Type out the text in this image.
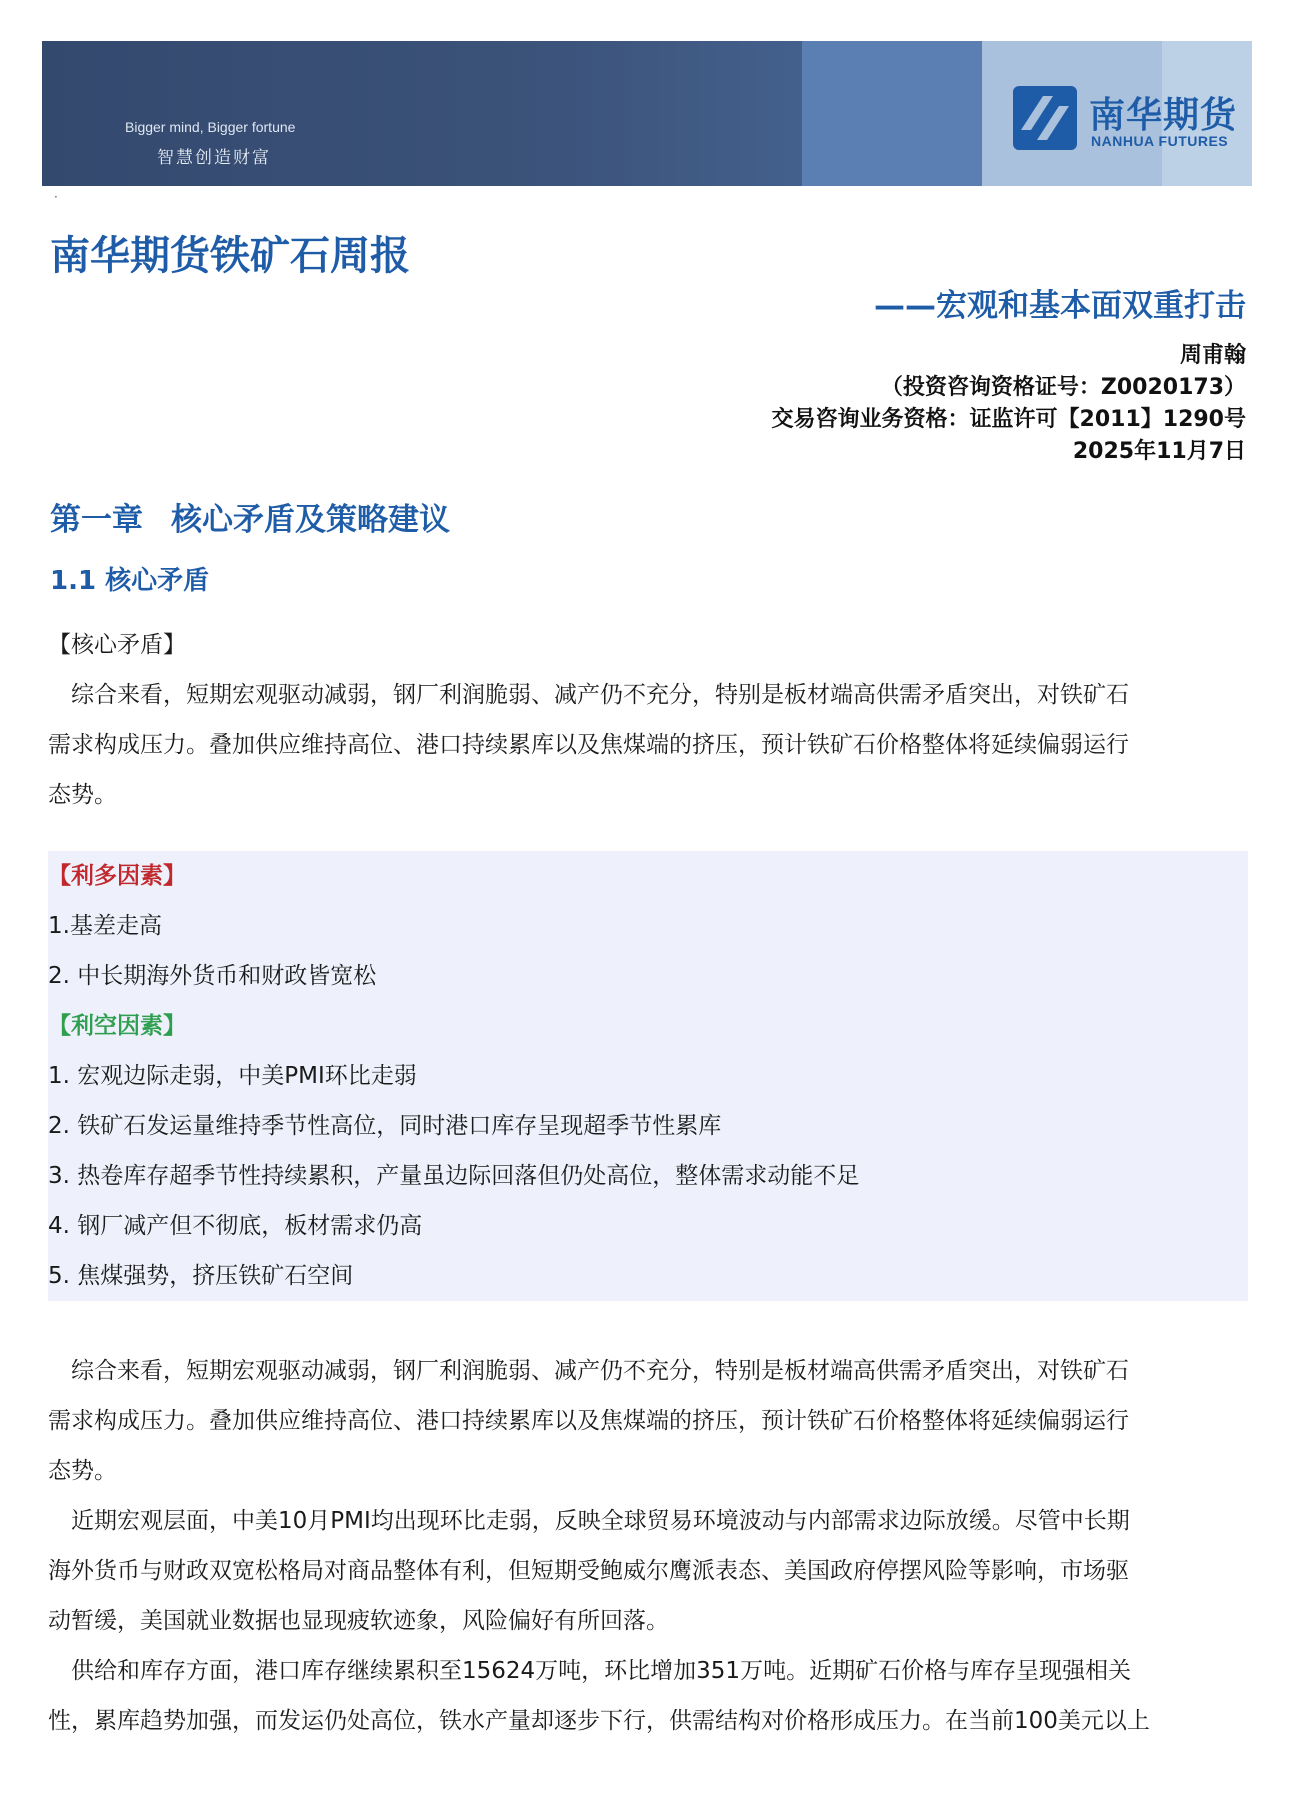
Bigger mind, Bigger fortune
智慧创造财富
南华期货
NANHUA FUTURES
·
南华期货铁矿石周报
——宏观和基本面双重打击
周甫翰
（投资咨询资格证号：Z0020173）
交易咨询业务资格：证监许可【2011】1290号
2025年11月7日
第一章 核心矛盾及策略建议
1.1 核心矛盾
【核心矛盾】
　综合来看，短期宏观驱动减弱，钢厂利润脆弱、减产仍不充分，特别是板材端高供需矛盾突出，对铁矿石
需求构成压力。叠加供应维持高位、港口持续累库以及焦煤端的挤压，预计铁矿石价格整体将延续偏弱运行
态势。
【利多因素】
1.基差走高
2. 中长期海外货币和财政皆宽松
【利空因素】
1. 宏观边际走弱，中美PMI环比走弱
2. 铁矿石发运量维持季节性高位，同时港口库存呈现超季节性累库
3. 热卷库存超季节性持续累积，产量虽边际回落但仍处高位，整体需求动能不足
4. 钢厂减产但不彻底，板材需求仍高
5. 焦煤强势，挤压铁矿石空间
　综合来看，短期宏观驱动减弱，钢厂利润脆弱、减产仍不充分，特别是板材端高供需矛盾突出，对铁矿石
需求构成压力。叠加供应维持高位、港口持续累库以及焦煤端的挤压，预计铁矿石价格整体将延续偏弱运行
态势。
　近期宏观层面，中美10月PMI均出现环比走弱，反映全球贸易环境波动与内部需求边际放缓。尽管中长期
海外货币与财政双宽松格局对商品整体有利，但短期受鲍威尔鹰派表态、美国政府停摆风险等影响，市场驱
动暂缓，美国就业数据也显现疲软迹象，风险偏好有所回落。
　供给和库存方面，港口库存继续累积至15624万吨，环比增加351万吨。近期矿石价格与库存呈现强相关
性，累库趋势加强，而发运仍处高位，铁水产量却逐步下行，供需结构对价格形成压力。在当前100美元以上
